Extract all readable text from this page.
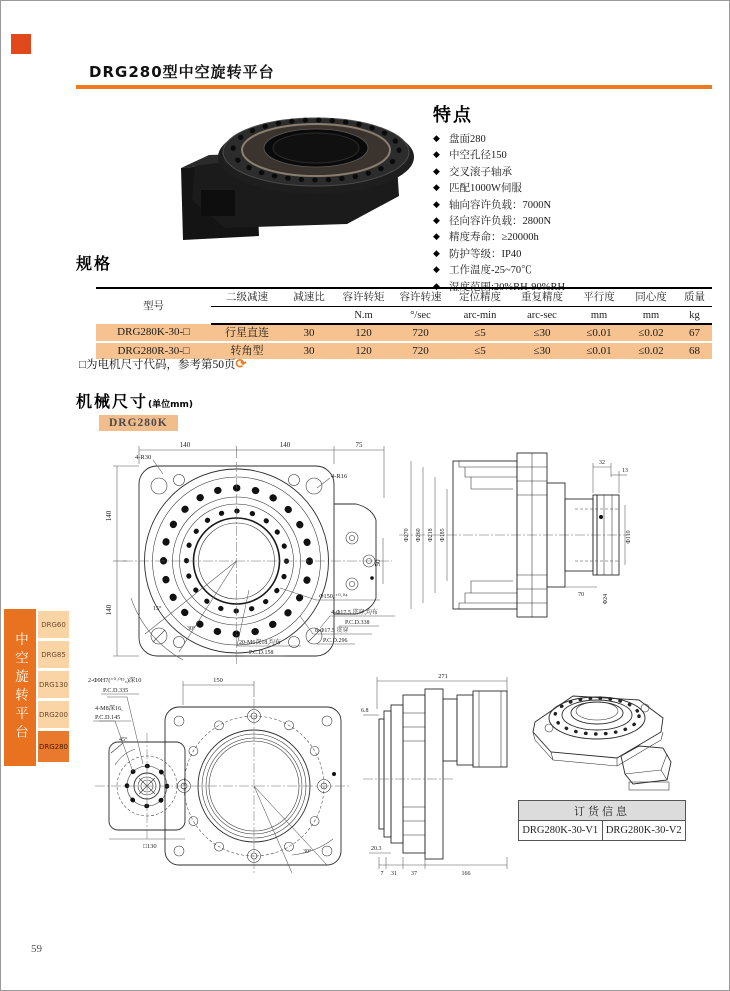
DRG280型中空旋转平台
特点
◆ 盘面280
◆ 中空孔径150
◆ 交叉滚子轴承
◆ 匹配1000W伺服
◆ 轴向容许负载：7000N
◆ 径向容许负载：2800N
◆ 精度寿命：≥20000h
◆ 防护等级：IP40
◆ 工作温度-25~70℃
◆ 湿度范围:20%RH-90%RH
规格
型号	二级减速	减速比	容许转矩	容许转速	定位精度	重复精度	平行度	同心度	质量
			N.m	°/sec	arc-min	arc-sec	mm	mm	kg
DRG280K-30-□	行星直连	30	120	720	≤5	≤30	≤0.01	≤0.02	67
DRG280R-30-□	转角型	30	120	720	≤5	≤30	≤0.01	≤0.02	68
□为电机尺寸代码，参考第50页⟳
机械尺寸(单位mm)
DRG280K
140	140	75
140
140
50
4-R30
4-R16
Φ150₀⁺⁰·⁰⁴
4-Φ17.5 贯穿,均布
P.C.D.338
8-Φ17.5 贯穿
P.C.D.296
20-M6深18,均布
P.C.D.158
15°
30°
Φ270 Φ260 Φ218 Φ185
32
13
Φ110
70	Φ24
150
2-Φ9H7(⁺⁰·⁰¹⁵₀)深10
P.C.D.335
4-M8深16,
P.C.D.145
45°
□130
30°
271
6.8
20.3
7 31 37	166
订货信息
DRG280K-30-V1	DRG280K-30-V2
中空旋转平台
DRG60
DRG85
DRG130
DRG200
DRG280
59
